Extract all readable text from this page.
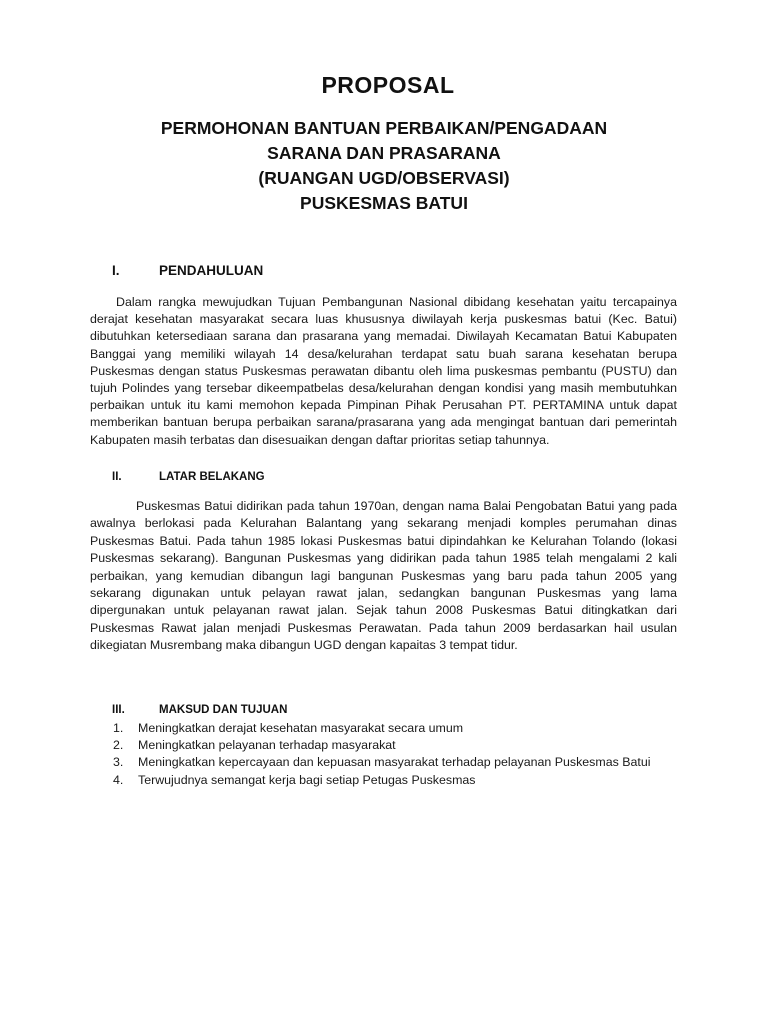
PROPOSAL
PERMOHONAN BANTUAN PERBAIKAN/PENGADAAN
SARANA DAN PRASARANA
(RUANGAN UGD/OBSERVASI)
PUSKESMAS BATUI
I.	PENDAHULUAN

Dalam rangka mewujudkan Tujuan Pembangunan Nasional dibidang kesehatan yaitu tercapainya derajat kesehatan masyarakat secara luas khususnya diwilayah kerja puskesmas batui (Kec. Batui) dibutuhkan ketersediaan sarana dan prasarana yang memadai. Diwilayah Kecamatan Batui Kabupaten Banggai yang memiliki wilayah 14 desa/kelurahan terdapat satu buah sarana kesehatan berupa Puskesmas dengan status Puskesmas perawatan dibantu oleh lima puskesmas pembantu (PUSTU) dan tujuh Polindes yang tersebar dikeempatbelas desa/kelurahan dengan kondisi yang masih membutuhkan perbaikan untuk itu kami memohon kepada Pimpinan Pihak Perusahan PT. PERTAMINA untuk dapat memberikan bantuan berupa perbaikan sarana/prasarana yang ada mengingat bantuan dari pemerintah Kabupaten masih terbatas dan disesuaikan dengan daftar prioritas setiap tahunnya.

II.	LATAR BELAKANG

Puskesmas Batui didirikan pada tahun 1970an, dengan nama Balai Pengobatan Batui yang pada awalnya berlokasi pada Kelurahan Balantang yang sekarang menjadi komples perumahan dinas Puskesmas Batui. Pada tahun 1985 lokasi Puskesmas batui dipindahkan ke Kelurahan Tolando (lokasi Puskesmas sekarang). Bangunan Puskesmas yang didirikan pada tahun 1985 telah mengalami 2 kali perbaikan, yang kemudian dibangun lagi bangunan Puskesmas yang baru pada tahun 2005 yang sekarang digunakan untuk pelayan rawat jalan, sedangkan bangunan Puskesmas yang lama dipergunakan untuk pelayanan rawat jalan. Sejak tahun 2008 Puskesmas Batui ditingkatkan dari Puskesmas Rawat jalan menjadi Puskesmas Perawatan. Pada tahun 2009 berdasarkan hail usulan dikegiatan Musrembang maka dibangun UGD dengan kapaitas 3 tempat tidur.

III.	MAKSUD DAN TUJUAN
1. Meningkatkan derajat kesehatan masyarakat secara umum
2. Meningkatkan pelayanan terhadap masyarakat
3. Meningkatkan kepercayaan dan kepuasan masyarakat terhadap pelayanan Puskesmas Batui
4. Terwujudnya semangat kerja bagi setiap Petugas Puskesmas
